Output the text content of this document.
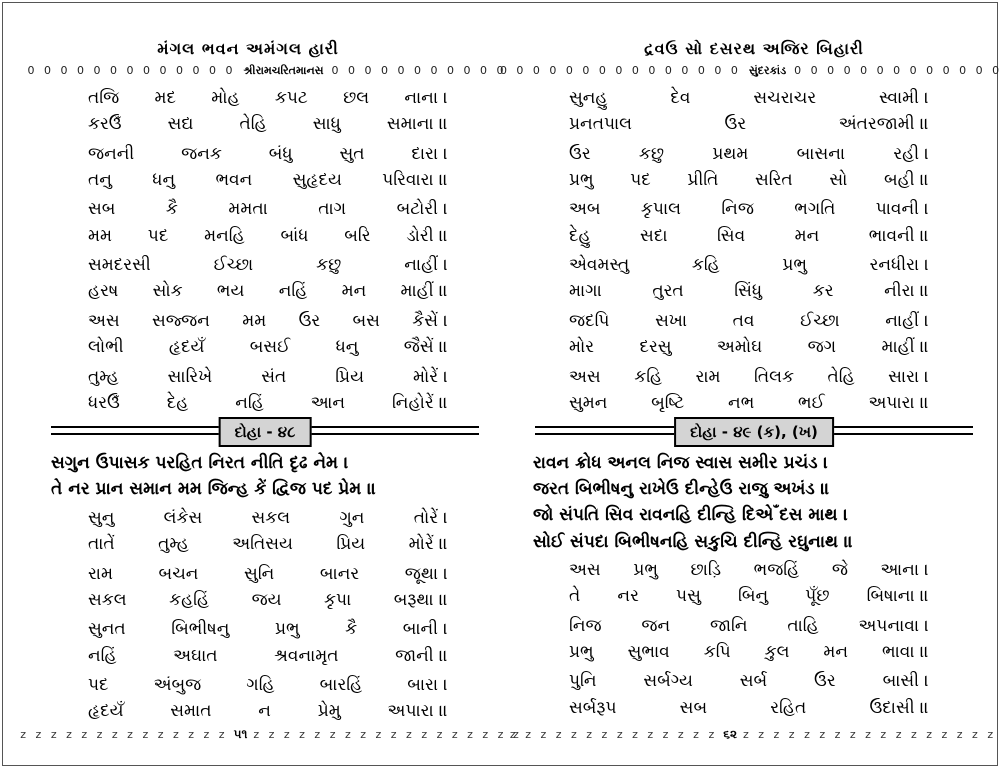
મંગલ ભવન અમંગલ હારી
0 0 0 0 0 0 0 0 0 0 0 0 0 શ્રીરામચરિતમાનસ 0 0 0 0 0 0 0 0 0 0 0
તજિ મદ મોહ કપટ છલ નાના ।
કરઉઁ	સદ્ય	તેહિ	સાધુ	સમાના ॥
જનની	જનક	બંધુ	સુત	દારા ।
તનુ ધનુ ભવન સુહૃદય પરિવારા ॥
સબ	કૈ	મમતા	તાગ	બટોરી ।
મમ પદ મનહિ બાંધ બરિ ડોરી ॥
સમદરસી	ઈચ્છા	કછુ	નાહીં ।
હરષ સોક ભય નહિં મન માહીં ॥
અસ સજ્જન મમ ઉર બસ કૈસેં ।
લોભી	હૃદયઁ	બસઈ	ધનુ	જૈસેં ॥
તુમ્હ	સારિખે	સંત	પ્રિય	મોરેં ।
ધરઉઁ	દેહ	નહિં	આન	નિહોરેં ॥
દોહા - ૪૮
સગુન ઉપાસક પરહિત નિરત નીતિ દૃઢ નેમ ।
તે નર પ્રાન સમાન મમ જિન્હ કેં દ્વિજ પદ પ્રેમ ॥
સુનુ	લંકેસ	સકલ	ગુન	તોરેં ।
તાતેં	તુમ્હ	અતિસય	પ્રિય	મોરેં ॥
રામ	બચન	સુનિ	બાનર	જૂથા ।
સકલ કહહિં જય કૃપા બરૂથા ॥
સુનત	બિભીષનુ	પ્રભુ	કૈ	બાની ।
નહિં	અઘાત	શ્રવનામૃત	જાની ॥
પદ	અંબુજ	ગહિ	બારહિં	બારા ।
હૃદયઁ	સમાત	ન	પ્રેમુ	અપારા ॥
z z z z z z z z z z z z z z ૫૧ z z z z z z z z z z z z z z z z z z
દ્રવઉ સો દસરથ અજિર બિહારી
0 0 0 0 0 0 0 0 0 0 0 0 0 0 0 સુંદરકાંડ 0 0 0 0 0 0 0 0 0 0 0 0 0
સુનહુ	દેવ	સચરાચર	સ્વામી ।
પ્રનતપાલ	ઉર	અંતરજામી ॥
ઉર	કછુ	પ્રથમ	બાસના	રહી ।
પ્રભુ પદ પ્રીતિ સરિત સો બહી ॥
અબ કૃપાલ નિજ ભગતિ પાવની ।
દેહુ	સદા	સિવ	મન	ભાવની ॥
એવમસ્તુ	કહિ	પ્રભુ	રનધીરા ।
માગા	તુરત	સિંધુ	કર	નીરા ॥
જદપિ	સખા	તવ	ઈચ્છા	નાહીં ।
મોર	દરસુ	અમોઘ	જગ	માહીં ॥
અસ કહિ રામ તિલક તેહિ સારા ।
સુમન	બૃષ્ટિ	નભ	ભઈ	અપારા ॥
દોહા - ૪૯ (ક), (ખ)
રાવન ક્રોધ અનલ નિજ સ્વાસ સમીર પ્રચંડ ।
જરત બિભીષનુ રાખેઉ દીન્હેઉ રાજુ અખંડ ॥
જો સંપતિ સિવ રાવનહિ દીન્હિ દિએઁ દસ માથ ।
સોઈ સંપદા બિભીષનહિ સકુચિ દીન્હિ રઘુનાથ ॥
અસ પ્રભુ છાડ઼િ ભજહિં જે આના ।
તે નર પસુ બિનુ પૂઁછ બિષાના ॥
નિજ જન જાનિ તાહિ અપનાવા ।
પ્રભુ સુભાવ કપિ કુલ મન ભાવા ॥
પુનિ	સર્બગ્ય	સર્બ	ઉર	બાસી ।
સર્બરૂપ	સબ	રહિત	ઉદાસી ॥
z z z z z z z z z z z z z z ૬૨ z z z z z z z z z z z z z z z z z
